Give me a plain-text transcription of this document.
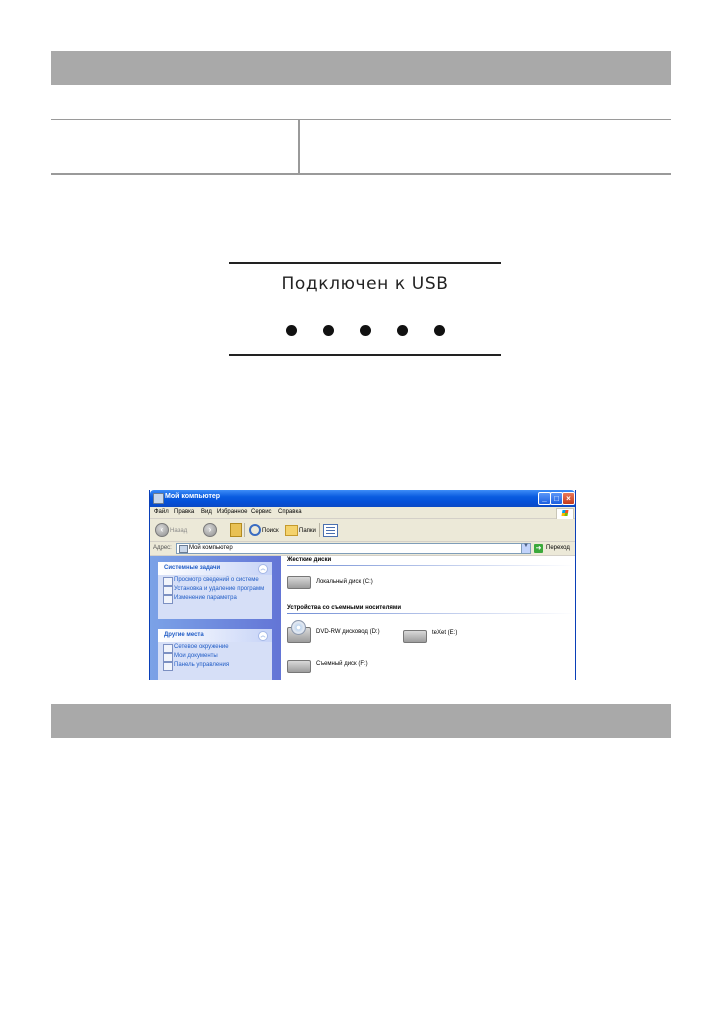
Подключен к USB
Мой компьютер	_ □ ×
Файл Правка Вид Избранное Сервис Справка
‹	Назад	›	Поиск	Папки
Адрес:	Мой компьютер	▼ ➜ Переход
Системные задачи	︽
Просмотр сведений о системе
Установка и удаление программ
Изменение параметра
Другие места	︽
Сетевое окружение
Мои документы
Панель управления
Жесткие диски
Локальный диск (C:)
Устройства со съемными носителями
DVD-RW дисковод (D:)	teXet (E:)
Съемный диск (F:)
